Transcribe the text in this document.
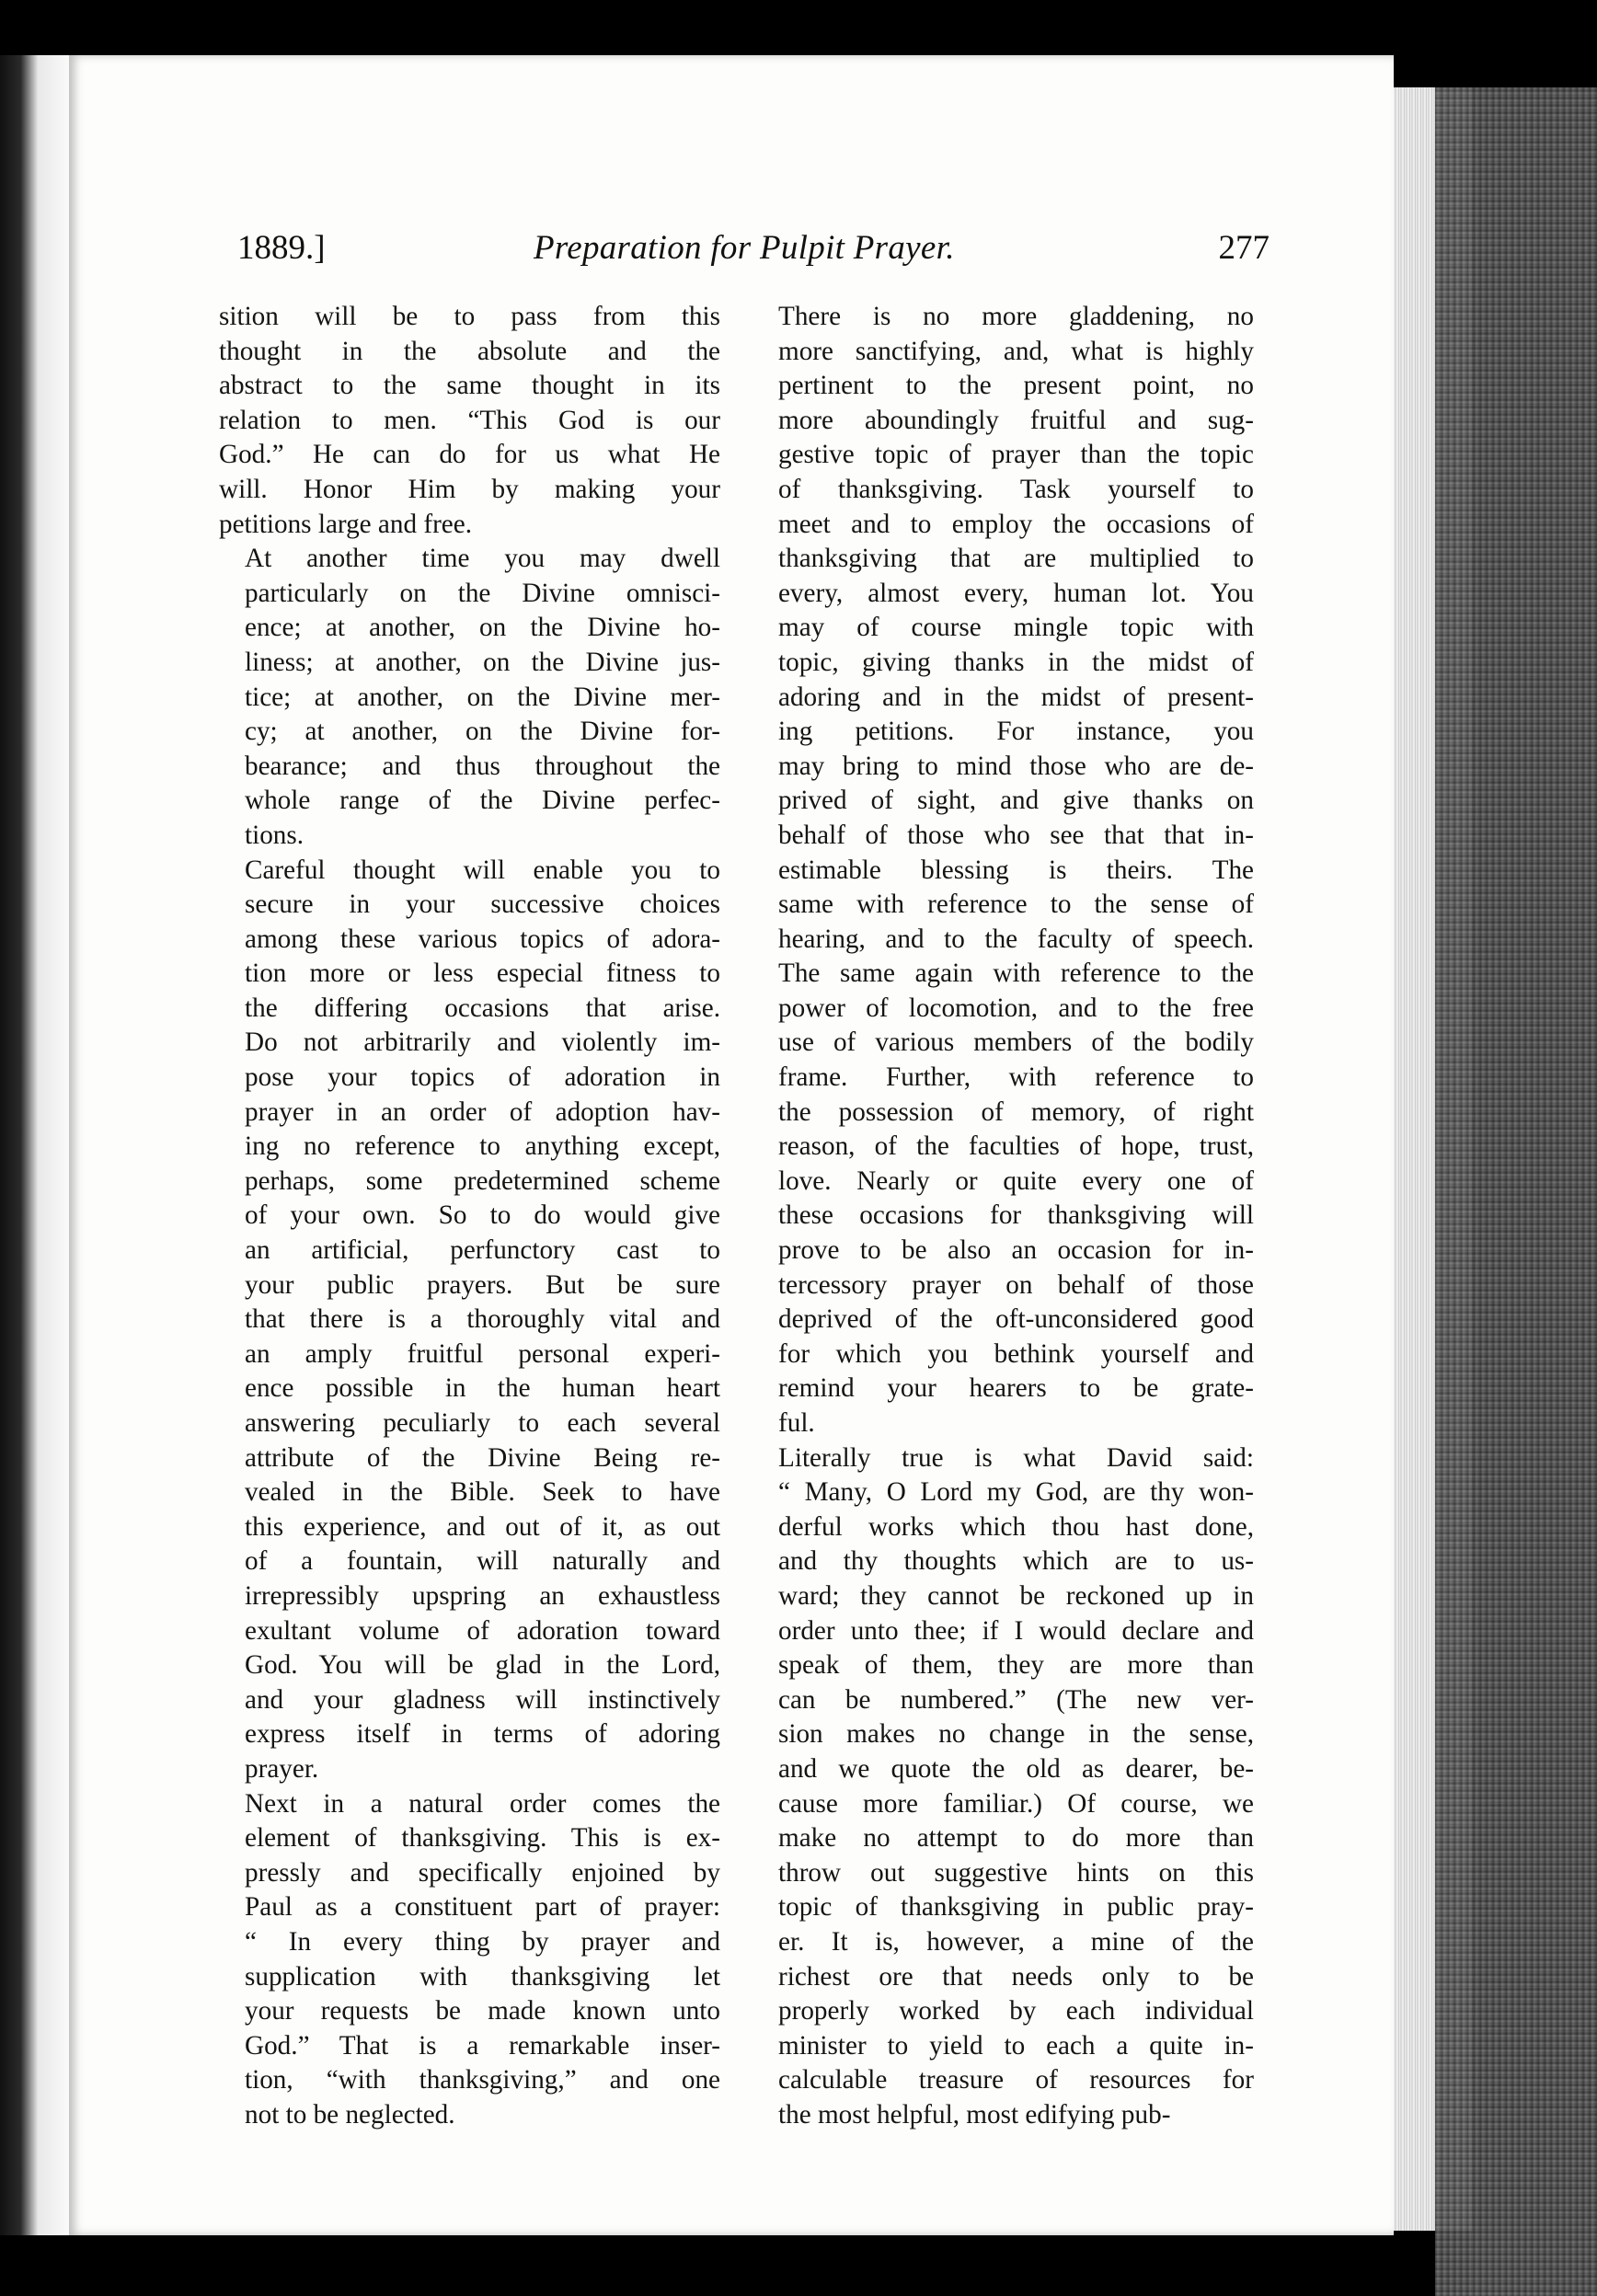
1889.]	Preparation for Pulpit Prayer.	277

sition will be to pass from this
thought in the absolute and the
abstract to the same thought in its
relation to men. “This God is our
God.” He can do for us what He
will. Honor Him by making your
petitions large and free.

At another time you may dwell
particularly on the Divine omnisci-
ence; at another, on the Divine ho-
liness; at another, on the Divine jus-
tice; at another, on the Divine mer-
cy; at another, on the Divine for-
bearance; and thus throughout the
whole range of the Divine perfec-
tions.

Careful thought will enable you to
secure in your successive choices
among these various topics of adora-
tion more or less especial fitness to
the differing occasions that arise.
Do not arbitrarily and violently im-
pose your topics of adoration in
prayer in an order of adoption hav-
ing no reference to anything except,
perhaps, some predetermined scheme
of your own. So to do would give
an artificial, perfunctory cast to
your public prayers. But be sure
that there is a thoroughly vital and
an amply fruitful personal experi-
ence possible in the human heart
answering peculiarly to each several
attribute of the Divine Being re-
vealed in the Bible. Seek to have
this experience, and out of it, as out
of a fountain, will naturally and
irrepressibly upspring an exhaustless
exultant volume of adoration toward
God. You will be glad in the Lord,
and your gladness will instinctively
express itself in terms of adoring
prayer.

Next in a natural order comes the
element of thanksgiving. This is ex-
pressly and specifically enjoined by
Paul as a constituent part of prayer:
“ In every thing by prayer and
supplication with thanksgiving let
your requests be made known unto
God.” That is a remarkable inser-
tion, “with thanksgiving,” and one
not to be neglected.

There is no more gladdening, no
more sanctifying, and, what is highly
pertinent to the present point, no
more aboundingly fruitful and sug-
gestive topic of prayer than the topic
of thanksgiving. Task yourself to
meet and to employ the occasions of
thanksgiving that are multiplied to
every, almost every, human lot. You
may of course mingle topic with
topic, giving thanks in the midst of
adoring and in the midst of present-
ing petitions. For instance, you
may bring to mind those who are de-
prived of sight, and give thanks on
behalf of those who see that that in-
estimable blessing is theirs. The
same with reference to the sense of
hearing, and to the faculty of speech.
The same again with reference to the
power of locomotion, and to the free
use of various members of the bodily
frame. Further, with reference to
the possession of memory, of right
reason, of the faculties of hope, trust,
love. Nearly or quite every one of
these occasions for thanksgiving will
prove to be also an occasion for in-
tercessory prayer on behalf of those
deprived of the oft-unconsidered good
for which you bethink yourself and
remind your hearers to be grate-
ful.

Literally true is what David said:
“ Many, O Lord my God, are thy won-
derful works which thou hast done,
and thy thoughts which are to us-
ward; they cannot be reckoned up in
order unto thee; if I would declare and
speak of them, they are more than
can be numbered.” (The new ver-
sion makes no change in the sense,
and we quote the old as dearer, be-
cause more familiar.) Of course, we
make no attempt to do more than
throw out suggestive hints on this
topic of thanksgiving in public pray-
er. It is, however, a mine of the
richest ore that needs only to be
properly worked by each individual
minister to yield to each a quite in-
calculable treasure of resources for
the most helpful, most edifying pub-
